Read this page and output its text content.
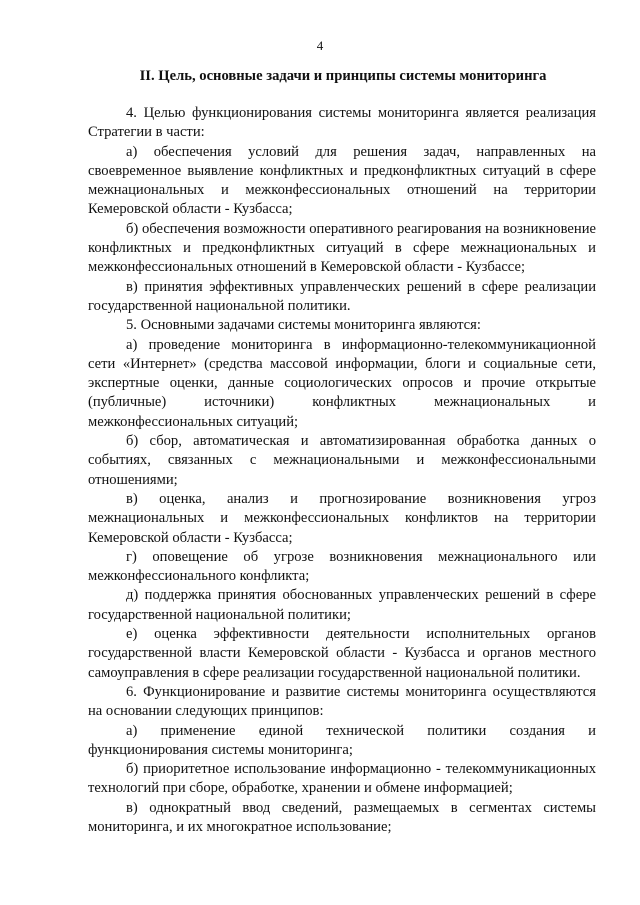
4
II. Цель, основные задачи и принципы системы мониторинга

4. Целью функционирования системы мониторинга является реализация Стратегии в части:

а) обеспечения условий для решения задач, направленных на своевременное выявление конфликтных и предконфликтных ситуаций в сфере межнациональных и межконфессиональных отношений на территории Кемеровской области - Кузбасса;

б) обеспечения возможности оперативного реагирования на возникновение конфликтных и предконфликтных ситуаций в сфере межнациональных и межконфессиональных отношений в Кемеровской области - Кузбассе;

в) принятия эффективных управленческих решений в сфере реализации государственной национальной политики.

5. Основными задачами системы мониторинга являются:

а) проведение мониторинга в информационно-телекоммуникационной сети «Интернет» (средства массовой информации, блоги и социальные сети, экспертные оценки, данные социологических опросов и прочие открытые (публичные) источники) конфликтных межнациональных и межконфессиональных ситуаций;

б) сбор, автоматическая и автоматизированная обработка данных о событиях, связанных с межнациональными и межконфессиональными отношениями;

в) оценка, анализ и прогнозирование возникновения угроз межнациональных и межконфессиональных конфликтов на территории Кемеровской области - Кузбасса;

г) оповещение об угрозе возникновения межнационального или межконфессионального конфликта;

д) поддержка принятия обоснованных управленческих решений в сфере государственной национальной политики;

е) оценка эффективности деятельности исполнительных органов государственной власти Кемеровской области - Кузбасса и органов местного самоуправления в сфере реализации государственной национальной политики.

6. Функционирование и развитие системы мониторинга осуществляются на основании следующих принципов:

а) применение единой технической политики создания и функционирования системы мониторинга;

б) приоритетное использование информационно - телекоммуникационных технологий при сборе, обработке, хранении и обмене информацией;

в) однократный ввод сведений, размещаемых в сегментах системы мониторинга, и их многократное использование;
